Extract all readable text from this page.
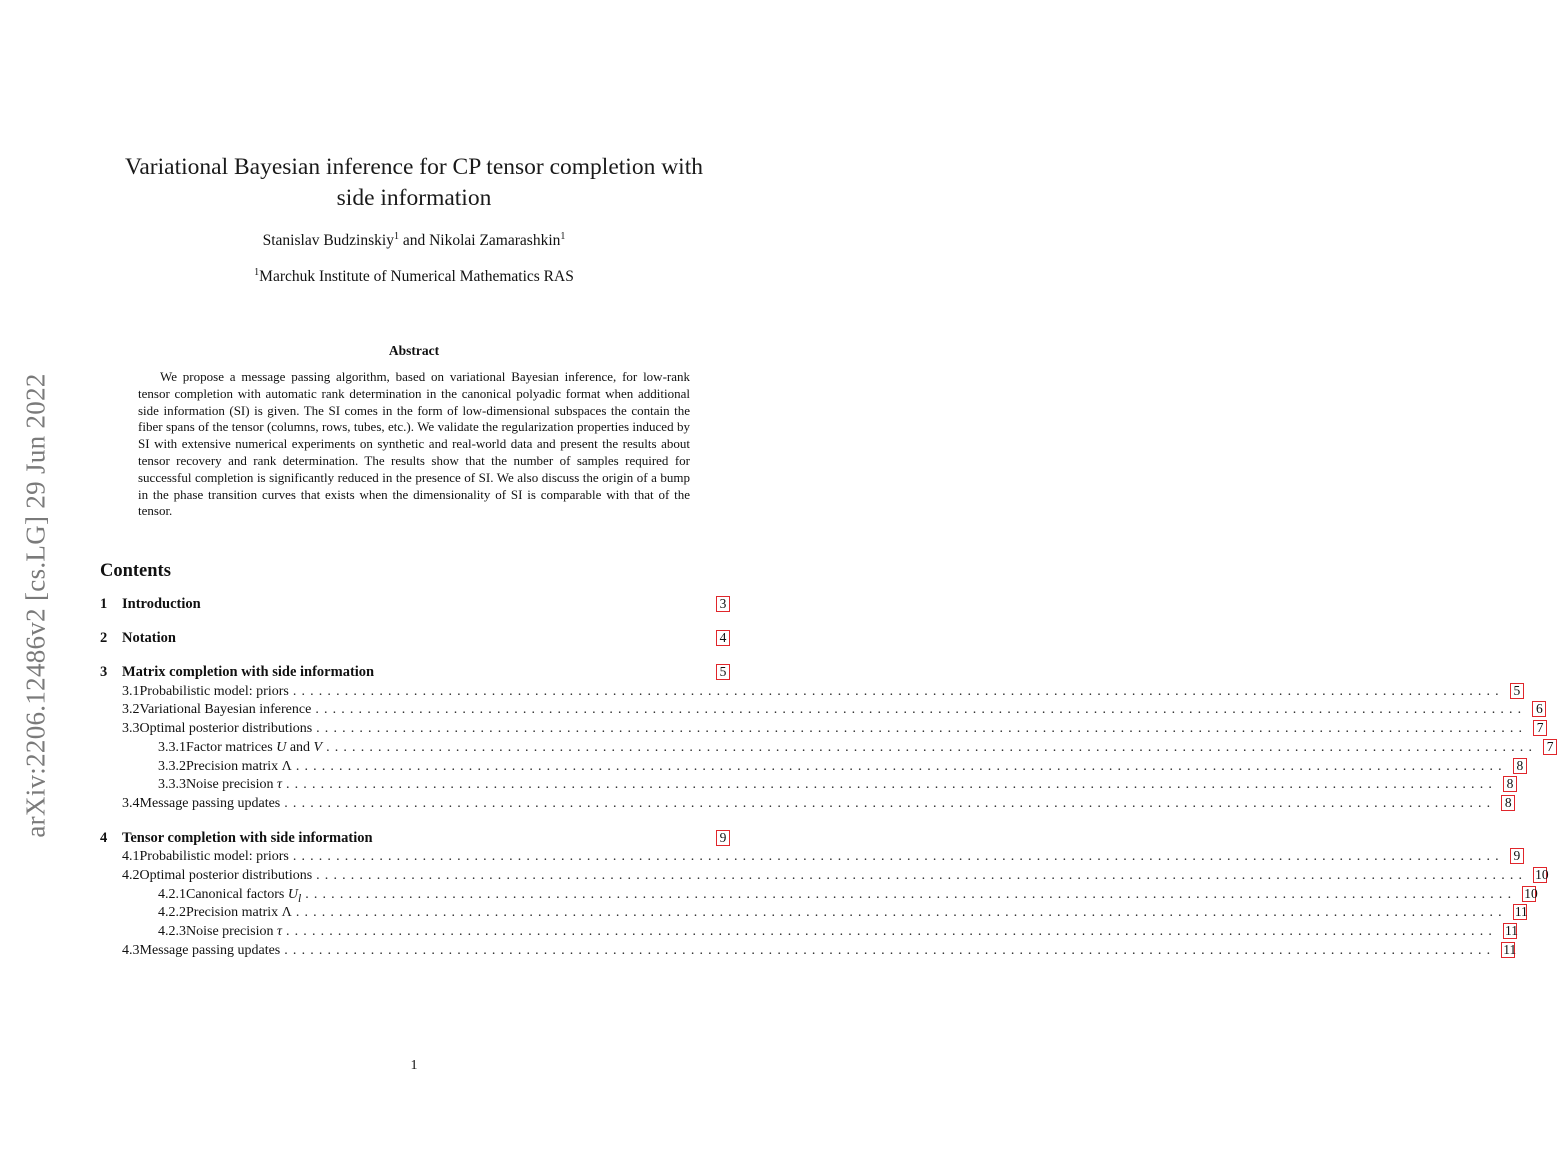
arXiv:2206.12486v2 [cs.LG] 29 Jun 2022
Variational Bayesian inference for CP tensor completion with
side information
Stanislav Budzinskiy$^1$ and Nikolai Zamarashkin$^1$
$^1$Marchuk Institute of Numerical Mathematics RAS
Abstract
We propose a message passing algorithm, based on variational Bayesian inference, for low-rank tensor completion with automatic rank determination in the canonical polyadic format when additional side information (SI) is given. The SI comes in the form of low-dimensional subspaces the contain the fiber spans of the tensor (columns, rows, tubes, etc.). We validate the regularization properties induced by SI with extensive numerical experiments on synthetic and real-world data and present the results about tensor recovery and rank determination. The results show that the number of samples required for successful completion is significantly reduced in the presence of SI. We also discuss the origin of a bump in the phase transition curves that exists when the dimensionality of SI is comparable with that of the tensor.
Contents
1	Introduction	3
2	Notation	4
3	Matrix completion with side information	5
3.1 Probabilistic model: priors ............................................................................................................................................ 5
3.2 Variational Bayesian inference ............................................................................................................................................ 6
3.3 Optimal posterior distributions ............................................................................................................................................ 7
3.3.1 Factor matrices U and V ............................................................................................................................................ 7
3.3.2 Precision matrix Λ ............................................................................................................................................ 8
3.3.3 Noise precision τ ............................................................................................................................................ 8
3.4 Message passing updates ............................................................................................................................................ 8
4	Tensor completion with side information	9
4.1 Probabilistic model: priors ............................................................................................................................................ 9
4.2 Optimal posterior distributions ............................................................................................................................................ 10
4.2.1 Canonical factors $U_l$ ............................................................................................................................................ 10
4.2.2 Precision matrix Λ ............................................................................................................................................ 11
4.2.3 Noise precision τ ............................................................................................................................................ 11
4.3 Message passing updates ............................................................................................................................................ 11
1
